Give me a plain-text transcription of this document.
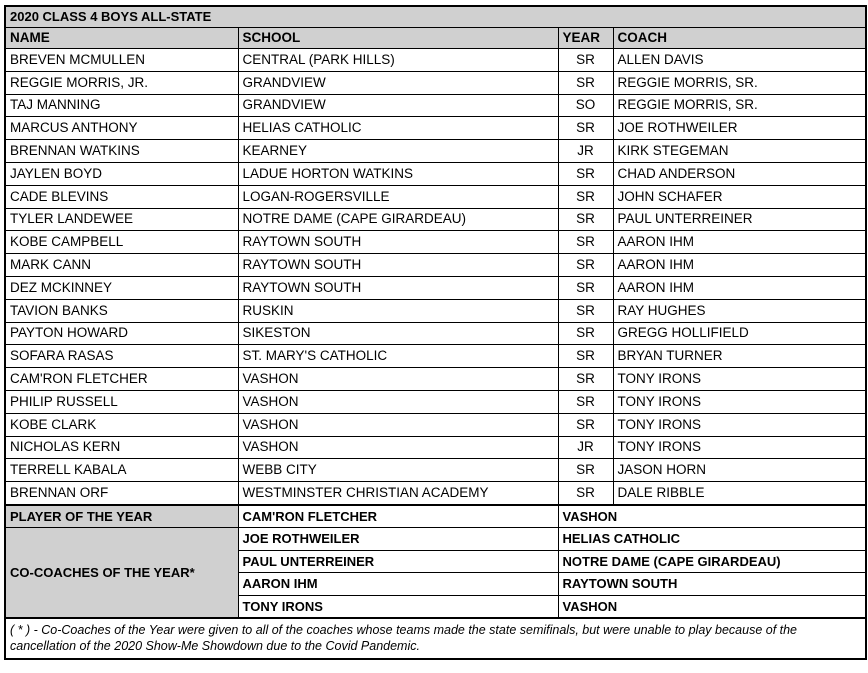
2020 CLASS 4 BOYS ALL-STATE			
NAME	SCHOOL	YEAR	COACH
BREVEN MCMULLEN	CENTRAL (PARK HILLS)	SR	ALLEN DAVIS
REGGIE MORRIS, JR.	GRANDVIEW	SR	REGGIE MORRIS, SR.
TAJ MANNING	GRANDVIEW	SO	REGGIE MORRIS, SR.
MARCUS ANTHONY	HELIAS CATHOLIC	SR	JOE ROTHWEILER
BRENNAN WATKINS	KEARNEY	JR	KIRK STEGEMAN
JAYLEN BOYD	LADUE HORTON WATKINS	SR	CHAD ANDERSON
CADE BLEVINS	LOGAN-ROGERSVILLE	SR	JOHN SCHAFER
TYLER LANDEWEE	NOTRE DAME (CAPE GIRARDEAU)	SR	PAUL UNTERREINER
KOBE CAMPBELL	RAYTOWN SOUTH	SR	AARON IHM
MARK CANN	RAYTOWN SOUTH	SR	AARON IHM
DEZ MCKINNEY	RAYTOWN SOUTH	SR	AARON IHM
TAVION BANKS	RUSKIN	SR	RAY HUGHES
PAYTON HOWARD	SIKESTON	SR	GREGG HOLLIFIELD
SOFARA RASAS	ST. MARY'S CATHOLIC	SR	BRYAN TURNER
CAM'RON FLETCHER	VASHON	SR	TONY IRONS
PHILIP RUSSELL	VASHON	SR	TONY IRONS
KOBE CLARK	VASHON	SR	TONY IRONS
NICHOLAS KERN	VASHON	JR	TONY IRONS
TERRELL KABALA	WEBB CITY	SR	JASON HORN
BRENNAN ORF	WESTMINSTER CHRISTIAN ACADEMY	SR	DALE RIBBLE
PLAYER OF THE YEAR	CAM'RON FLETCHER	VASHON	
CO-COACHES OF THE YEAR*	JOE ROTHWEILER	HELIAS CATHOLIC	
	PAUL UNTERREINER	NOTRE DAME (CAPE GIRARDEAU)	
	AARON IHM	RAYTOWN SOUTH	
	TONY IRONS	VASHON	
( * ) - Co-Coaches of the Year were given to all of the coaches whose teams made the state semifinals, but were unable to play because of the cancellation of the 2020 Show-Me Showdown due to the Covid Pandemic.			
